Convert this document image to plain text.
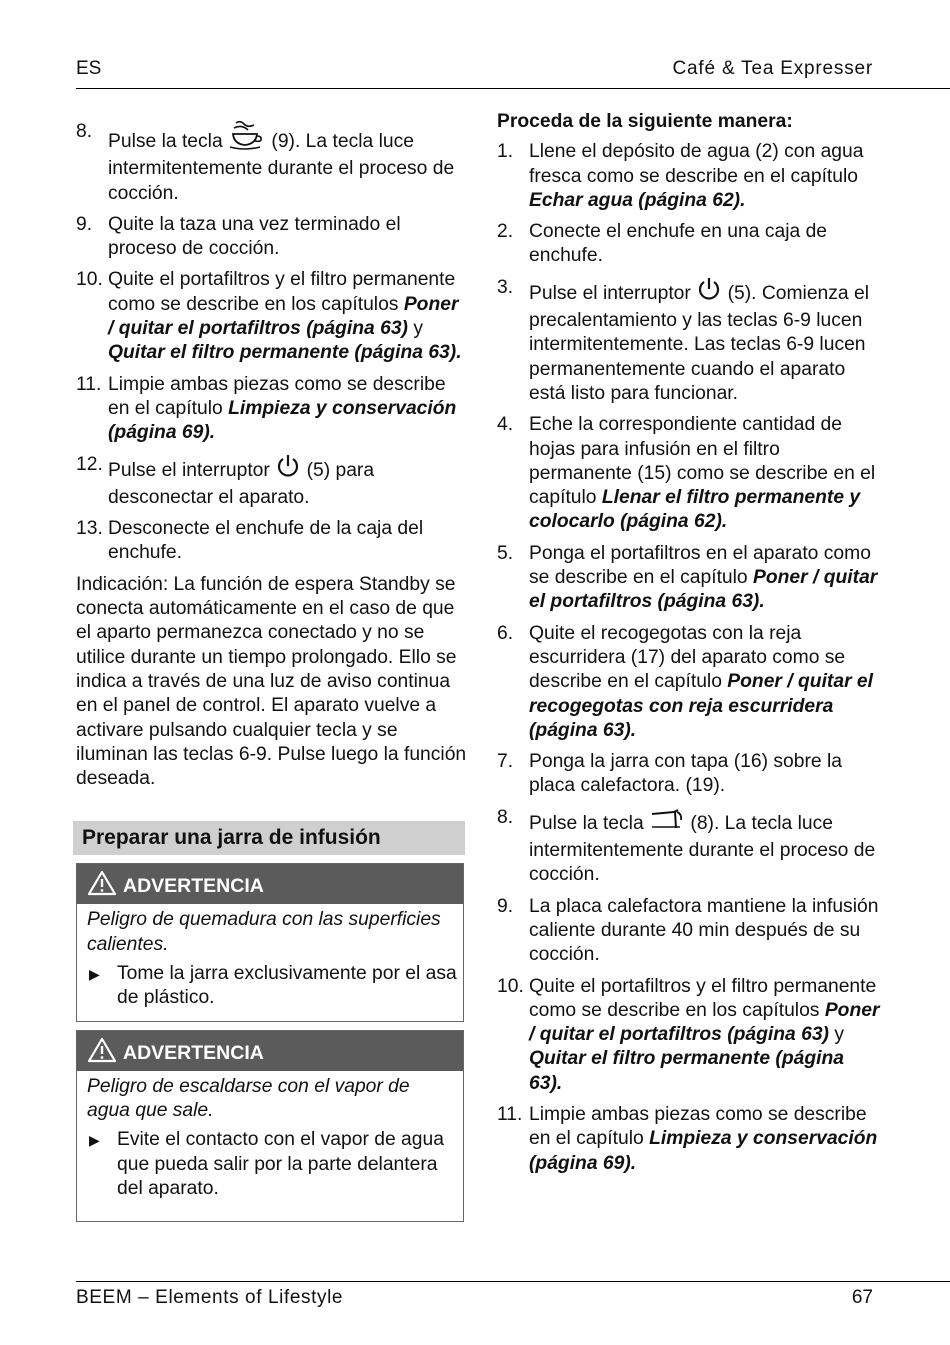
ES	Café & Tea Expresser
8. Pulse la tecla	(9). La tecla luce intermitentemente durante el proceso de cocción.
9. Quite la taza una vez terminado el proceso de cocción.
10. Quite el portafiltros y el filtro permanente como se describe en los capítulos Poner / quitar el portafiltros (página 63) y Quitar el filtro permanente (página 63).
11. Limpie ambas piezas como se describe en el capítulo Limpieza y conservación (página 69).
12. Pulse el interruptor (5) para desconectar el aparato.
13. Desconecte el enchufe de la caja del enchufe.
Indicación: La función de espera Standby se conecta automáticamente en el caso de que el aparto permanezca conectado y no se utilice durante un tiempo prolongado. Ello se indica a través de una luz de aviso continua en el panel de control. El aparato vuelve a activare pulsando cualquier tecla y se iluminan las teclas 6-9. Pulse luego la función deseada.
Preparar una jarra de infusión
ADVERTENCIA
Peligro de quemadura con las superficies calientes.
▶ Tome la jarra exclusivamente por el asa de plástico.
ADVERTENCIA
Peligro de escaldarse con el vapor de agua que sale.
▶ Evite el contacto con el vapor de agua que pueda salir por la parte delantera del aparato.
Proceda de la siguiente manera:
1. Llene el depósito de agua (2) con agua fresca como se describe en el capítulo Echar agua (página 62).
2. Conecte el enchufe en una caja de enchufe.
3. Pulse el interruptor (5). Comienza el precalentamiento y las teclas 6-9 lucen intermitentemente. Las teclas 6-9 lucen permanentemente cuando el aparato está listo para funcionar.
4. Eche la correspondiente cantidad de hojas para infusión en el filtro permanente (15) como se describe en el capítulo Llenar el filtro permanente y colocarlo (página 62).
5. Ponga el portafiltros en el aparato como se describe en el capítulo Poner / quitar el portafiltros (página 63).
6. Quite el recogegotas con la reja escurridera (17) del aparato como se describe en el capítulo Poner / quitar el recogegotas con reja escurridera (página 63).
7. Ponga la jarra con tapa (16) sobre la placa calefactora. (19).
8. Pulse la tecla (8). La tecla luce intermitentemente durante el proceso de cocción.
9. La placa calefactora mantiene la infusión caliente durante 40 min después de su cocción.
10. Quite el portafiltros y el filtro permanente como se describe en los capítulos Poner / quitar el portafiltros (página 63) y Quitar el filtro permanente (página 63).
11. Limpie ambas piezas como se describe en el capítulo Limpieza y conservación (página 69).
BEEM – Elements of Lifestyle	67
